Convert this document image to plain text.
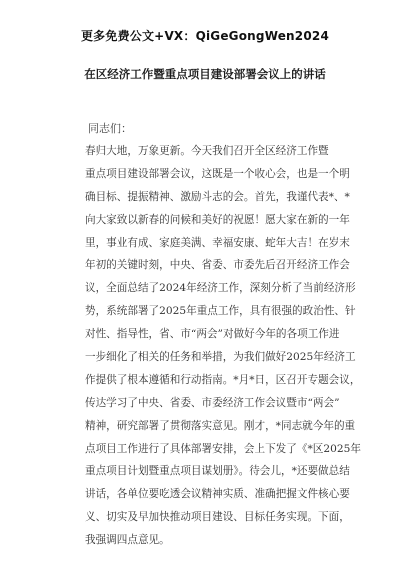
更多免费公文+VX：QiGeGongWen2024
在区经济工作暨重点项目建设部署会议上的讲话
同志们：
春归大地，万象更新。今天我们召开全区经济工作暨
重点项目建设部署会议，这既是一个收心会，也是一个明
确目标、提振精神、激励斗志的会。首先，我谨代表*、*
向大家致以新春的问候和美好的祝愿！愿大家在新的一年
里，事业有成、家庭美满、幸福安康、蛇年大吉！在岁末
年初的关键时刻，中央、省委、市委先后召开经济工作会
议，全面总结了2024年经济工作，深刻分析了当前经济形
势，系统部署了2025年重点工作，具有很强的政治性、针
对性、指导性，省、市“两会”对做好今年的各项工作进
一步细化了相关的任务和举措，为我们做好2025年经济工
作提供了根本遵循和行动指南。*月*日，区召开专题会议，
传达学习了中央、省委、市委经济工作会议暨市“两会”
精神，研究部署了贯彻落实意见。刚才，*同志就今年的重
点项目工作进行了具体部署安排，会上下发了《*区2025年
重点项目计划暨重点项目谋划册》。待会儿，*还要做总结
讲话，各单位要吃透会议精神实质、准确把握文件核心要
义、切实及早加快推动项目建设、目标任务实现。下面，
我强调四点意见。
